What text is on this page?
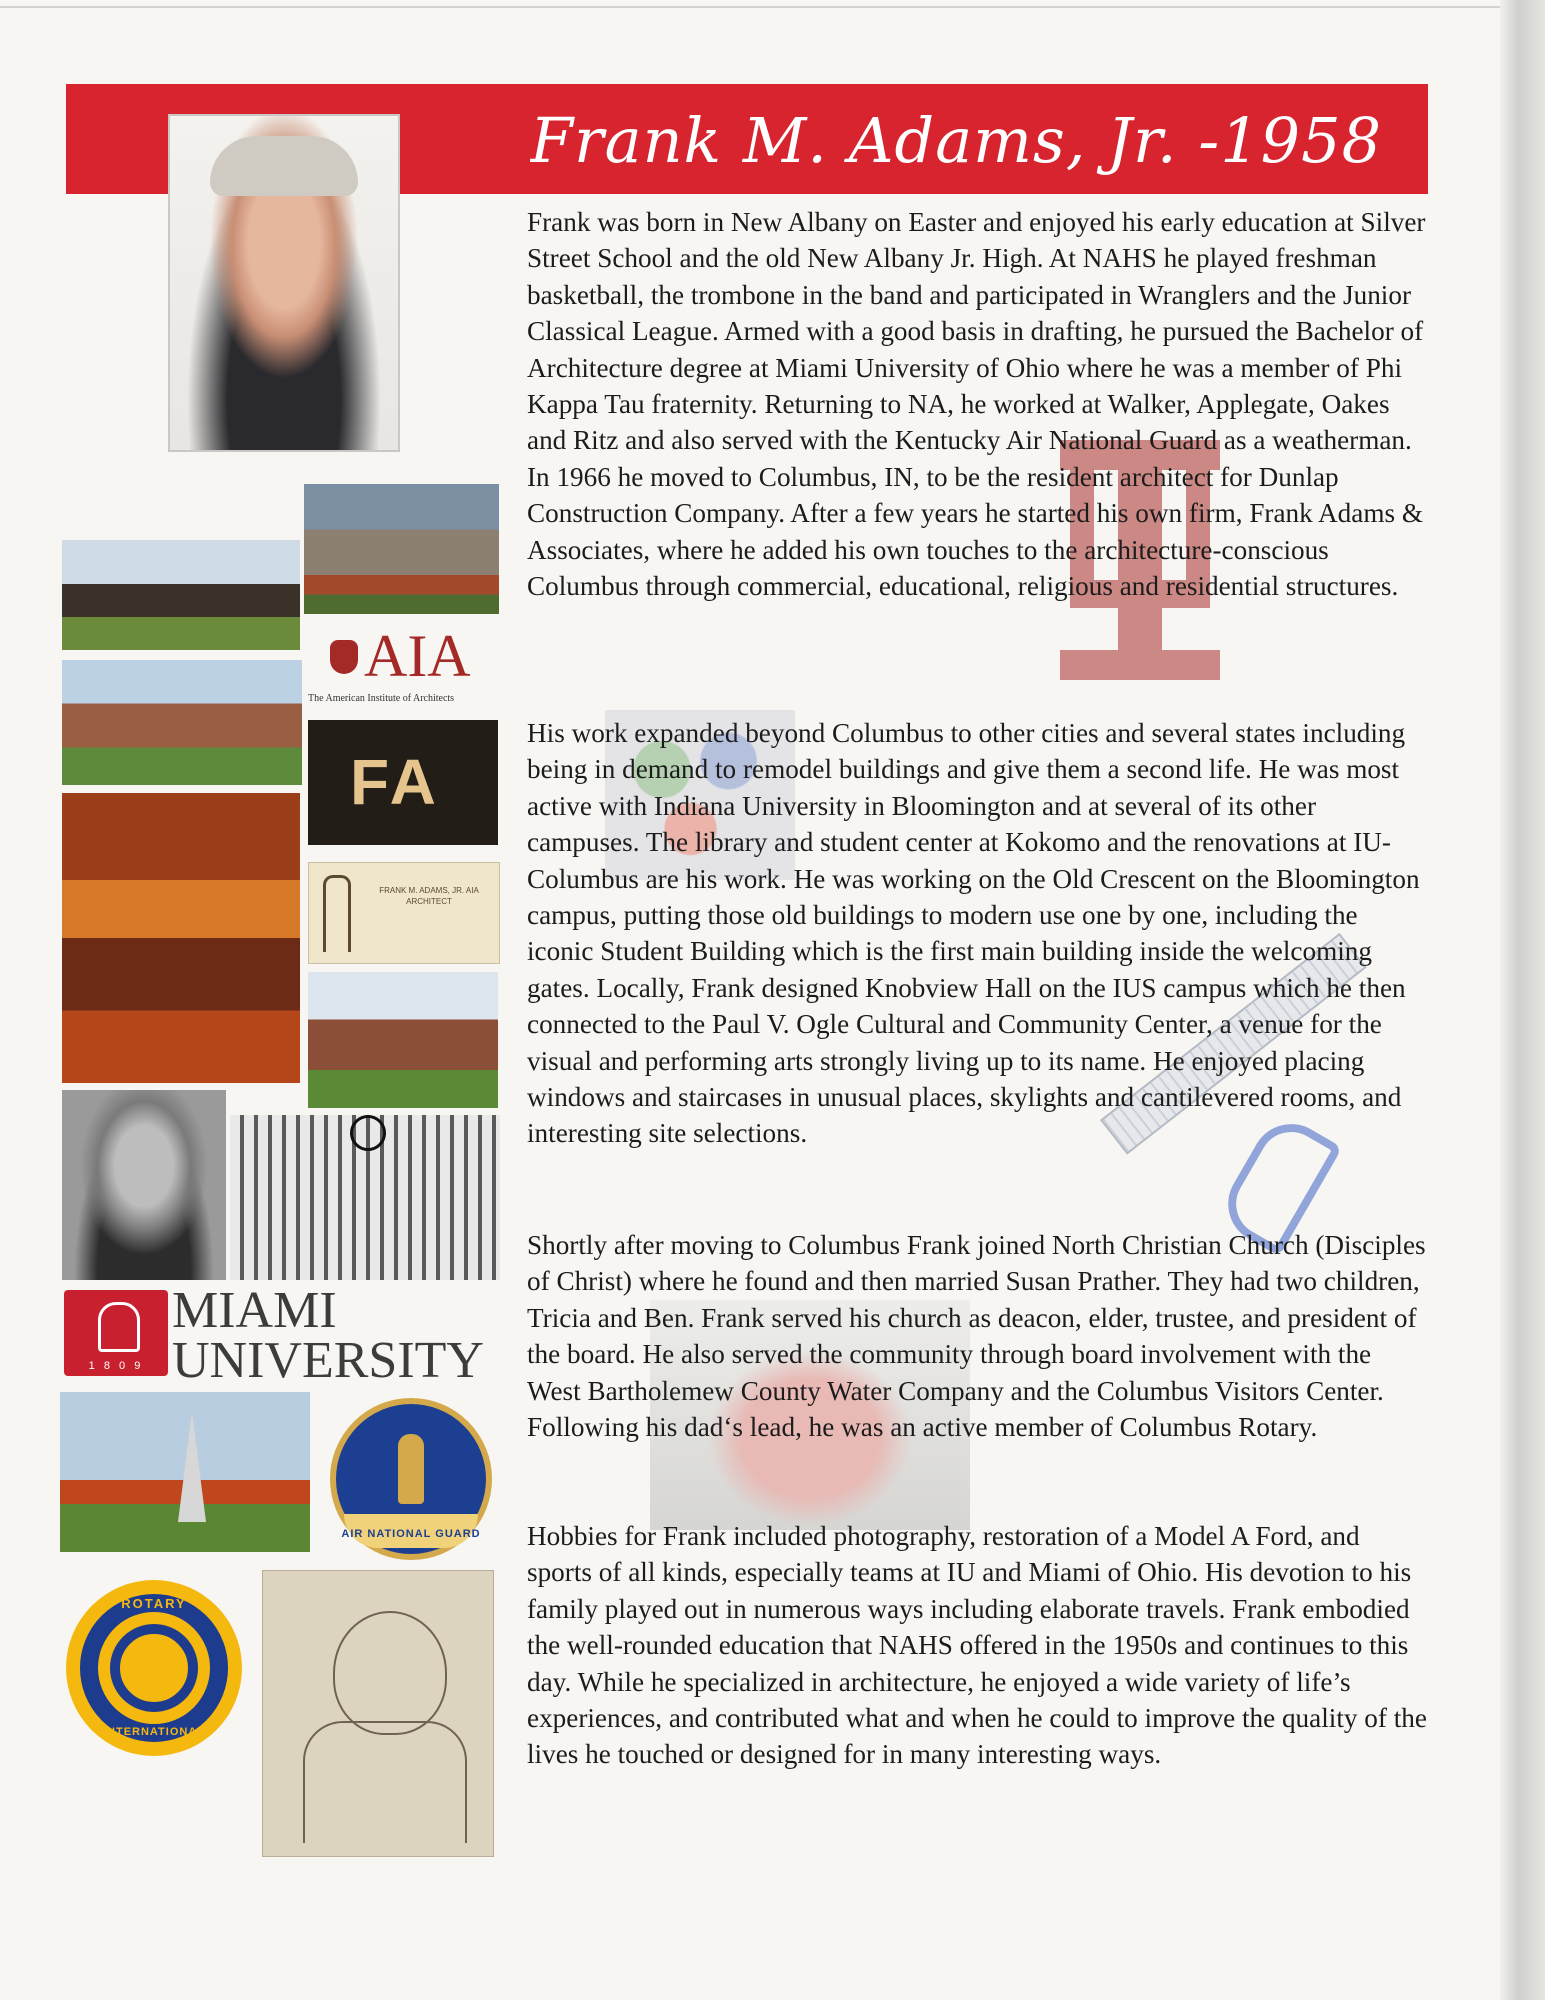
Frank M. Adams, Jr. -1958

Frank was born in New Albany on Easter and enjoyed his early education at Silver Street School and the old New Albany Jr. High. At NAHS he played freshman basketball, the trombone in the band and participated in Wranglers and the Junior Classical League. Armed with a good basis in drafting, he pursued the Bachelor of Architecture degree at Miami University of Ohio where he was a member of Phi Kappa Tau fraternity. Returning to NA, he worked at Walker, Applegate, Oakes and Ritz and also served with the Kentucky Air National Guard as a weatherman. In 1966 he moved to Columbus, IN, to be the resident architect for Dunlap Construction Company. After a few years he started his own firm, Frank Adams & Associates, where he added his own touches to the architecture-conscious Columbus through commercial, educational, religious and residential structures.

His work expanded beyond Columbus to other cities and several states including being in demand to remodel buildings and give them a second life. He was most active with Indiana University in Bloomington and at several of its other campuses. The library and student center at Kokomo and the renovations at IU-Columbus are his work. He was working on the Old Crescent on the Bloomington campus, putting those old buildings to modern use one by one, including the iconic Student Building which is the first main building inside the welcoming gates. Locally, Frank designed Knobview Hall on the IUS campus which he then connected to the Paul V. Ogle Cultural and Community Center, a venue for the visual and performing arts strongly living up to its name. He enjoyed placing windows and staircases in unusual places, skylights and cantilevered rooms, and interesting site selections.

Shortly after moving to Columbus Frank joined North Christian Church (Disciples of Christ) where he found and then married Susan Prather. They had two children, Tricia and Ben. Frank served his church as deacon, elder, trustee, and president of the board. He also served the community through board involvement with the West Bartholemew County Water Company and the Columbus Visitors Center. Following his dad‘s lead, he was an active member of Columbus Rotary.

Hobbies for Frank included photography, restoration of a Model A Ford, and sports of all kinds, especially teams at IU and Miami of Ohio. His devotion to his family played out in numerous ways including elaborate travels. Frank embodied the well-rounded education that NAHS offered in the 1950s and continues to this day. While he specialized in architecture, he enjoyed a wide variety of life’s experiences, and contributed what and when he could to improve the quality of the lives he touched or designed for in many interesting ways.

AIA
The American Institute of Architects
FA
FRANK M. ADAMS, JR. AIA ARCHITECT
1 8 0 9
MIAMI
UNIVERSITY
AIR NATIONAL GUARD
ROTARY
INTERNATIONAL
